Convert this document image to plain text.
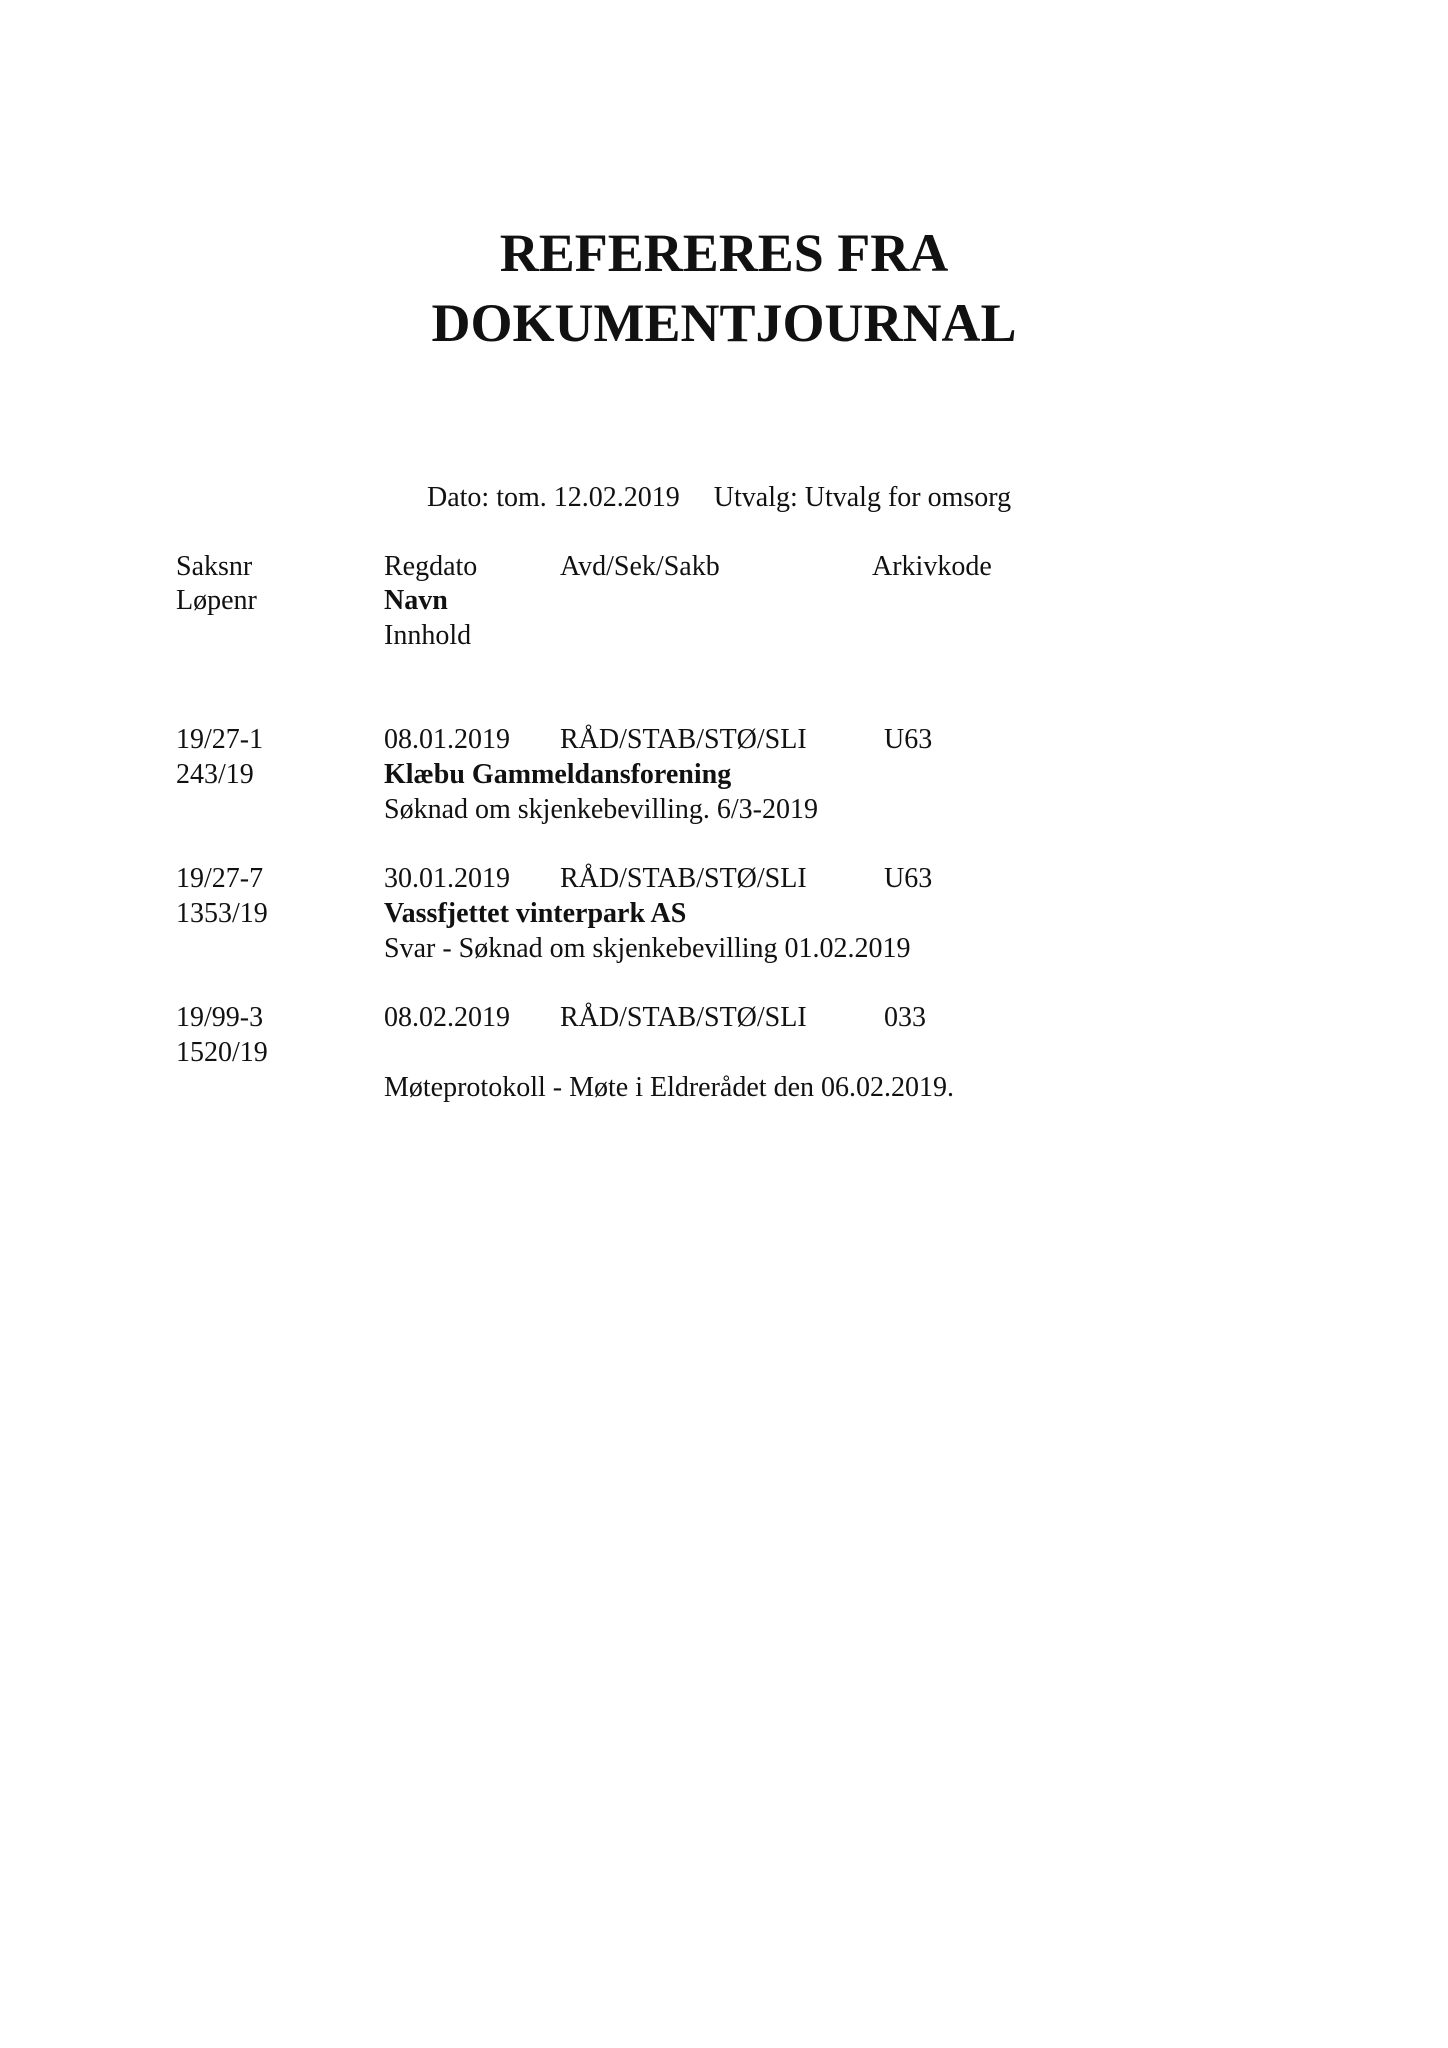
REFERERES FRA
DOKUMENTJOURNAL
Dato: tom. 12.02.2019 Utvalg: Utvalg for omsorg
Saksnr	Regdato	Avd/Sek/Sakb	Arkivkode
Løpenr	Navn
Innhold
19/27-1	08.01.2019 RÅD/STAB/STØ/SLI	U63
243/19	Klæbu Gammeldansforening
Søknad om skjenkebevilling. 6/3-2019
19/27-7	30.01.2019 RÅD/STAB/STØ/SLI	U63
1353/19	Vassfjettet vinterpark AS
Svar - Søknad om skjenkebevilling 01.02.2019
19/99-3	08.02.2019 RÅD/STAB/STØ/SLI	033
1520/19
Møteprotokoll - Møte i Eldrerådet den 06.02.2019.
